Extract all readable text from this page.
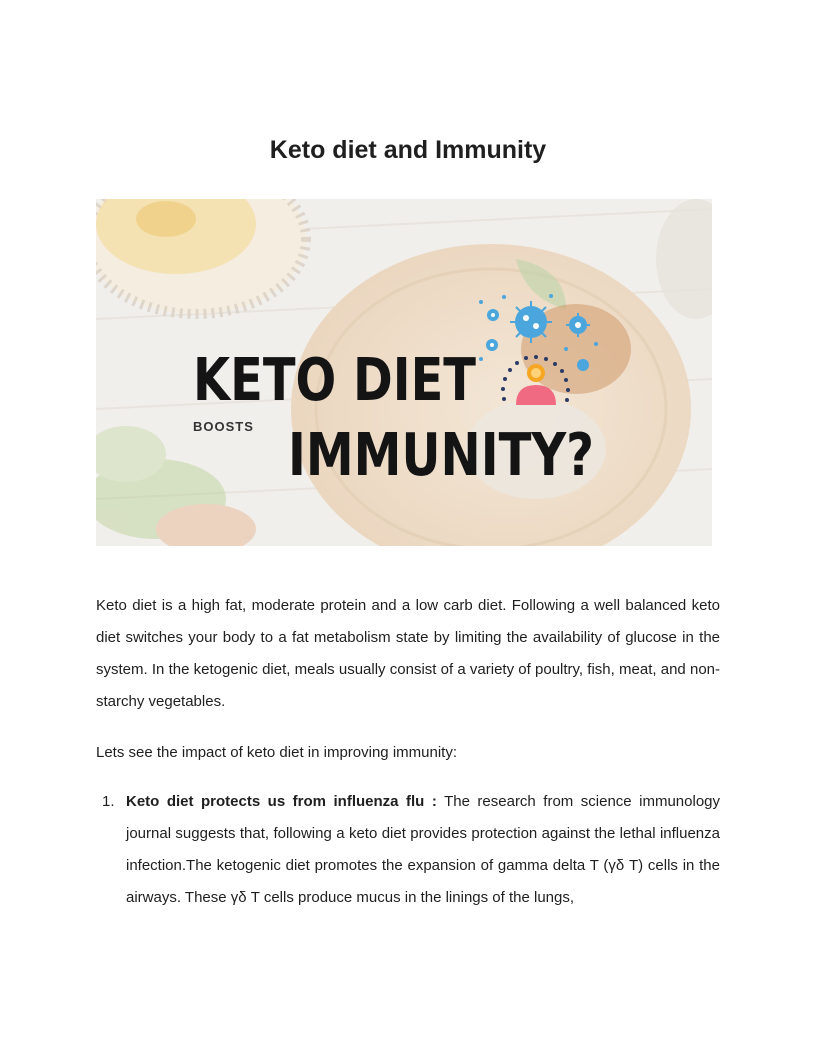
Keto diet and Immunity
KETO DIET
BOOSTS IMMUNITY?

Keto diet is a high fat, moderate protein and a low carb diet. Following a well balanced keto diet switches your body to a fat metabolism state by limiting the availability of glucose in the system. In the ketogenic diet, meals usually consist of a variety of poultry, fish, meat, and non-starchy vegetables.

Lets see the impact of keto diet in improving immunity:

1. Keto diet protects us from influenza flu : The research from science immunology journal suggests that, following a keto diet provides protection against the lethal influenza infection.The ketogenic diet promotes the expansion of gamma delta T (γδ T) cells in the airways. These γδ T cells produce mucus in the linings of the lungs,
